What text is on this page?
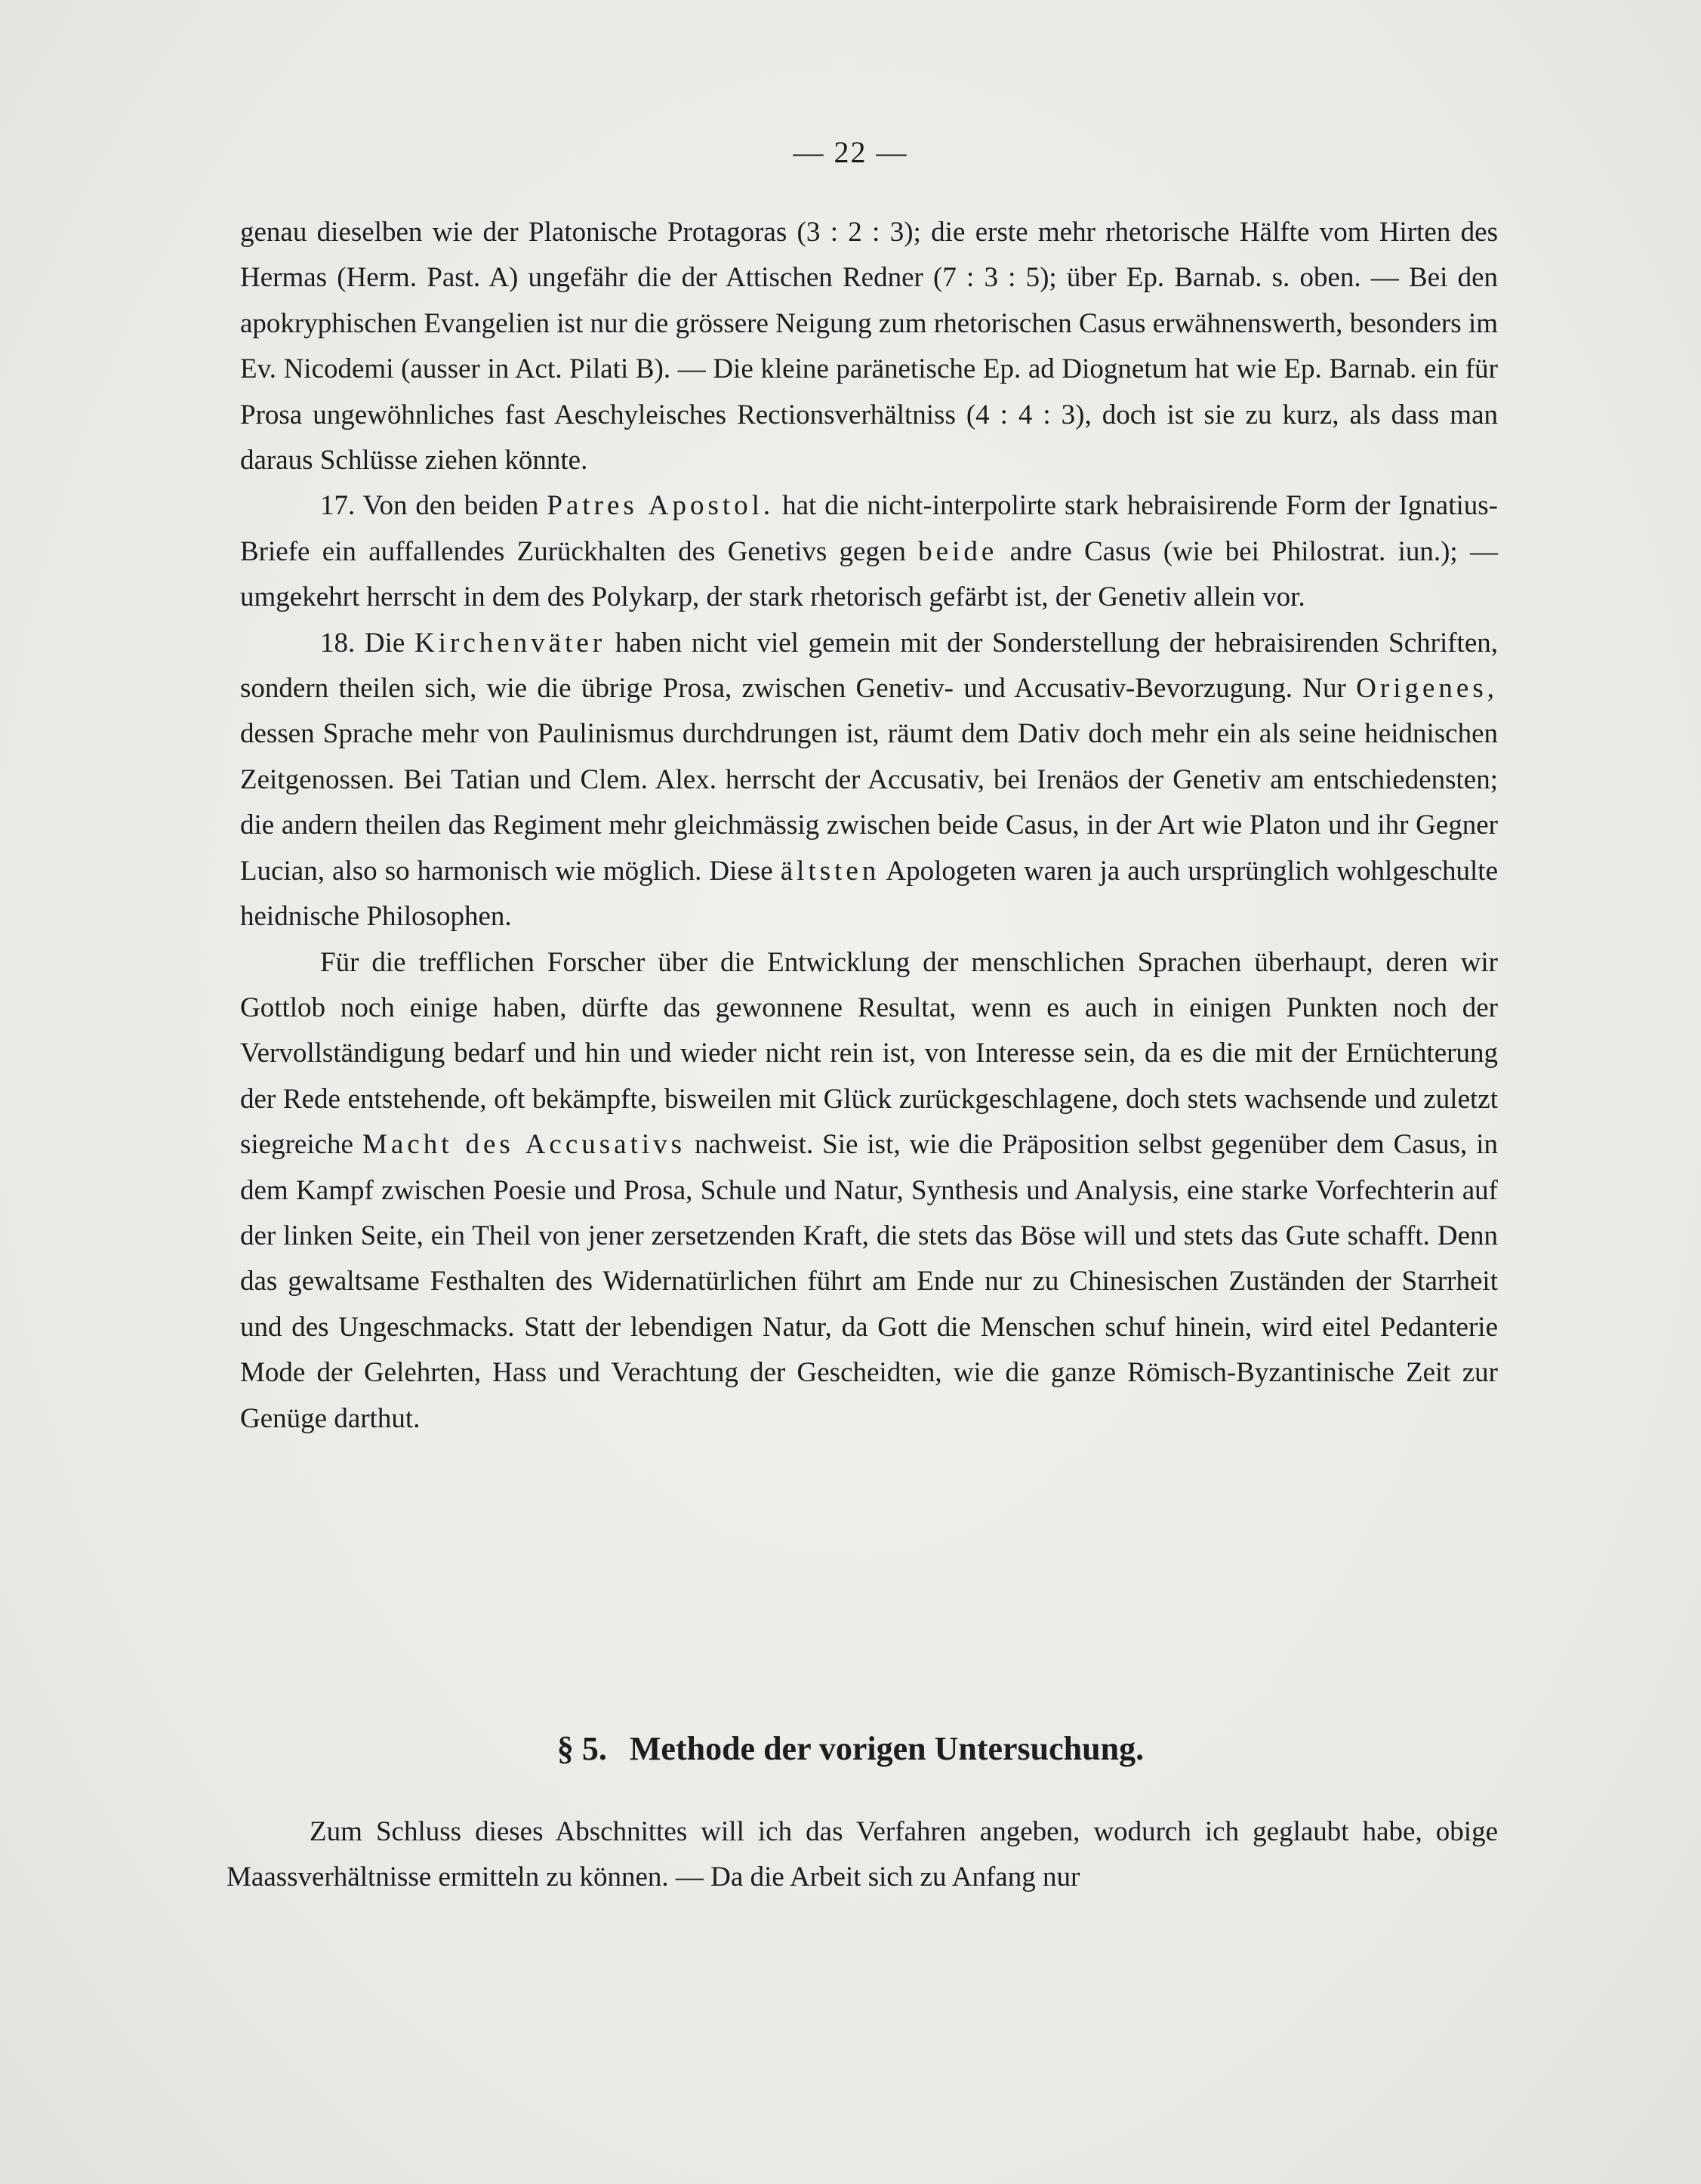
— 22 —

genau dieselben wie der Platonische Protagoras (3 : 2 : 3); die erste mehr rhetorische Hälfte vom Hirten des Hermas (Herm. Past. A) ungefähr die der Attischen Redner (7 : 3 : 5); über Ep. Barnab. s. oben. — Bei den apokryphischen Evangelien ist nur die grössere Neigung zum rhetorischen Casus erwähnenswerth, besonders im Ev. Nicodemi (ausser in Act. Pilati B). — Die kleine paränetische Ep. ad Diognetum hat wie Ep. Barnab. ein für Prosa ungewöhnliches fast Aeschyleisches Rectionsverhältniss (4 : 4 : 3), doch ist sie zu kurz, als dass man daraus Schlüsse ziehen könnte.

17. Von den beiden Patres Apostol. hat die nicht-interpolirte stark hebraisirende Form der Ignatius-Briefe ein auffallendes Zurückhalten des Genetivs gegen beide andre Casus (wie bei Philostrat. iun.); — umgekehrt herrscht in dem des Polykarp, der stark rhetorisch gefärbt ist, der Genetiv allein vor.

18. Die Kirchenväter haben nicht viel gemein mit der Sonderstellung der hebraisirenden Schriften, sondern theilen sich, wie die übrige Prosa, zwischen Genetiv- und Accusativ-Bevorzugung. Nur Origenes, dessen Sprache mehr von Paulinismus durchdrungen ist, räumt dem Dativ doch mehr ein als seine heidnischen Zeitgenossen. Bei Tatian und Clem. Alex. herrscht der Accusativ, bei Irenäos der Genetiv am entschiedensten; die andern theilen das Regiment mehr gleichmässig zwischen beide Casus, in der Art wie Platon und ihr Gegner Lucian, also so harmonisch wie möglich. Diese ältsten Apologeten waren ja auch ursprünglich wohlgeschulte heidnische Philosophen.

Für die trefflichen Forscher über die Entwicklung der menschlichen Sprachen überhaupt, deren wir Gottlob noch einige haben, dürfte das gewonnene Resultat, wenn es auch in einigen Punkten noch der Vervollständigung bedarf und hin und wieder nicht rein ist, von Interesse sein, da es die mit der Ernüchterung der Rede entstehende, oft bekämpfte, bisweilen mit Glück zurückgeschlagene, doch stets wachsende und zuletzt siegreiche Macht des Accusativs nachweist. Sie ist, wie die Präposition selbst gegenüber dem Casus, in dem Kampf zwischen Poesie und Prosa, Schule und Natur, Synthesis und Analysis, eine starke Vorfechterin auf der linken Seite, ein Theil von jener zersetzenden Kraft, die stets das Böse will und stets das Gute schafft. Denn das gewaltsame Festhalten des Widernatürlichen führt am Ende nur zu Chinesischen Zuständen der Starrheit und des Ungeschmacks. Statt der lebendigen Natur, da Gott die Menschen schuf hinein, wird eitel Pedanterie Mode der Gelehrten, Hass und Verachtung der Gescheidten, wie die ganze Römisch-Byzantinische Zeit zur Genüge darthut.

§ 5. Methode der vorigen Untersuchung.

Zum Schluss dieses Abschnittes will ich das Verfahren angeben, wodurch ich geglaubt habe, obige Maassverhältnisse ermitteln zu können. — Da die Arbeit sich zu Anfang nur
